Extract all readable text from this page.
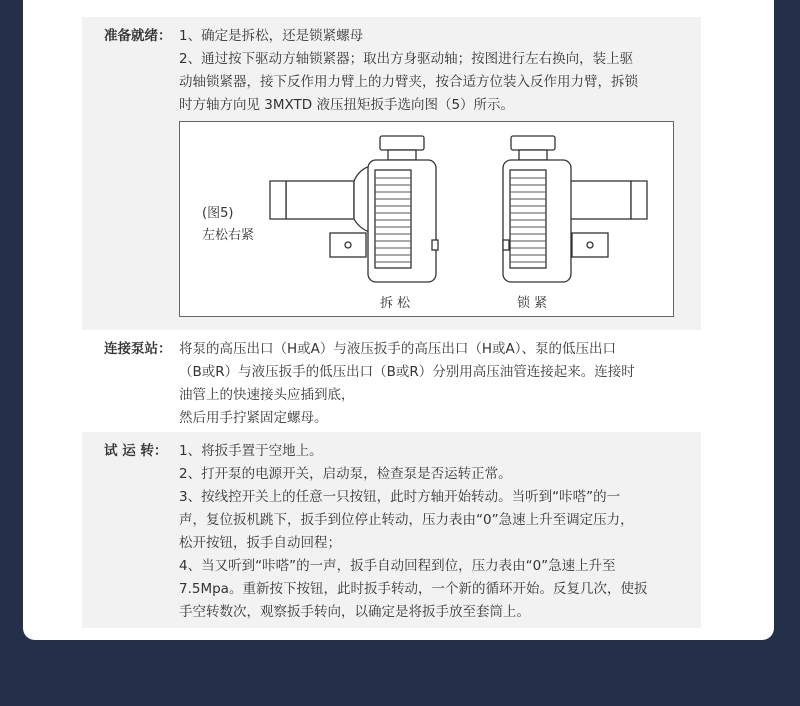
准备就绪： 1、确定是拆松，还是锁紧螺母
2、通过按下驱动方轴锁紧器；取出方身驱动轴；按图进行左右换向，装上驱
动轴锁紧器，接下反作用力臂上的力臂夹，按合适方位装入反作用力臂，拆锁
时方轴方向见 3MXTD 液压扭矩扳手选向图（5）所示。
(图5)
左松右紧
拆 松	锁 紧
连接泵站： 将泵的高压出口（H或A）与液压扳手的高压出口（H或A）、泵的低压出口
（B或R）与液压扳手的低压出口（B或R）分别用高压油管连接起来。连接时
油管上的快速接头应插到底，
然后用手拧紧固定螺母。
试 运 转： 1、将扳手置于空地上。
2、打开泵的电源开关，启动泵，检查泵是否运转正常。
3、按线控开关上的任意一只按钮，此时方轴开始转动。当听到“咔嗒”的一
声，复位扳机跳下，扳手到位停止转动，压力表由“0”急速上升至调定压力，
松开按钮，扳手自动回程；
4、当又听到“咔嗒”的一声，扳手自动回程到位，压力表由“0”急速上升至
7.5Mpa。重新按下按钮，此时扳手转动，一个新的循环开始。反复几次，使扳
手空转数次，观察扳手转向，以确定是将扳手放至套筒上。
